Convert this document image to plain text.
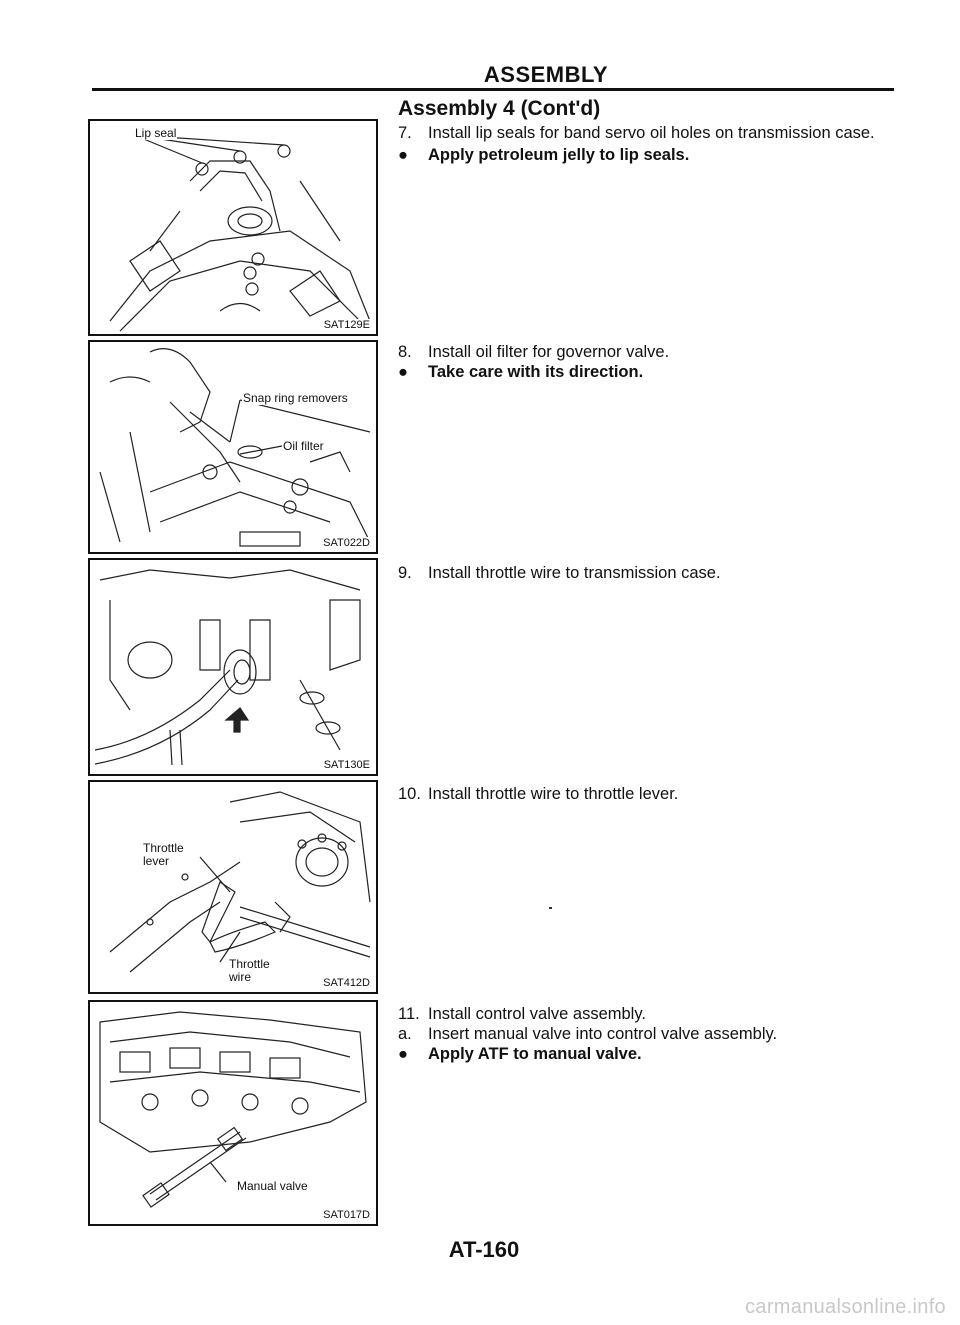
ASSEMBLY
Assembly 4 (Cont'd)
Lip seal
SAT129E
Snap ring removers
Oil filter
SAT022D
SAT130E
Throttle lever
Throttle wire	SAT412D
Manual valve
SAT017D
7. Install lip seals for band servo oil holes on transmission case.
●	Apply petroleum jelly to lip seals.
8. Install oil filter for governor valve.
●	Take care with its direction.
9. Install throttle wire to transmission case.
10. Install throttle wire to throttle lever.
11. Install control valve assembly.
a. Insert manual valve into control valve assembly.
●	Apply ATF to manual valve.
AT-160
carmanualsonline.info
